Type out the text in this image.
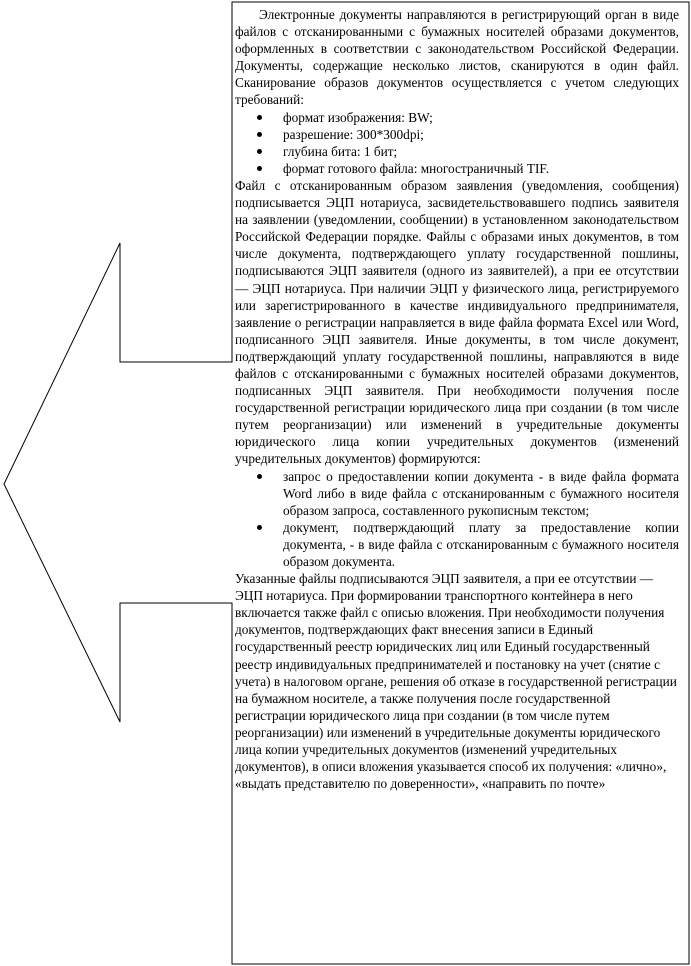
Электронные документы направляются в регистрирующий орган в виде файлов с отсканированными с бумажных носителей образами документов, оформленных в соответствии с законодательством Российской Федерации. Документы, содержащие несколько листов, сканируются в один файл. Сканирование образов документов осуществляется с учетом следующих требований:

формат изображения: BW;
разрешение: 300*300dpi;
глубина бита: 1 бит;
формат готового файла: многостраничный TIF.

Файл с отсканированным образом заявления (уведомления, сообщения) подписывается ЭЦП нотариуса, засвидетельствовавшего подпись заявителя на заявлении (уведомлении, сообщении) в установленном законодательством Российской Федерации порядке. Файлы с образами иных документов, в том числе документа, подтверждающего уплату государственной пошлины, подписываются ЭЦП заявителя (одного из заявителей), а при ее отсутствии — ЭЦП нотариуса. При наличии ЭЦП у физического лица, регистрируемого или зарегистрированного в качестве индивидуального предпринимателя, заявление о регистрации направляется в виде файла формата Excel или Word, подписанного ЭЦП заявителя. Иные документы, в том числе документ, подтверждающий уплату государственной пошлины, направляются в виде файлов с отсканированными с бумажных носителей образами документов, подписанных ЭЦП заявителя. При необходимости получения после государственной регистрации юридического лица при создании (в том числе путем реорганизации) или изменений в учредительные документы юридического лица копии учредительных документов (изменений учредительных документов) формируются:

запрос о предоставлении копии документа - в виде файла формата Word либо в виде файла с отсканированным с бумажного носителя образом запроса, составленного рукописным текстом;
документ, подтверждающий плату за предоставление копии документа, - в виде файла с отсканированным с бумажного носителя образом документа.

Указанные файлы подписываются ЭЦП заявителя, а при ее отсутствии — ЭЦП нотариуса. При формировании транспортного контейнера в него включается также файл с описью вложения. При необходимости получения документов, подтверждающих факт внесения записи в Единый государственный реестр юридических лиц или Единый государственный реестр индивидуальных предпринимателей и постановку на учет (снятие с учета) в налоговом органе, решения об отказе в государственной регистрации на бумажном носителе, а также получения после государственной регистрации юридического лица при создании (в том числе путем реорганизации) или изменений в учредительные документы юридического лица копии учредительных документов (изменений учредительных документов), в описи вложения указывается способ их получения: «лично», «выдать представителю по доверенности», «направить по почте»
